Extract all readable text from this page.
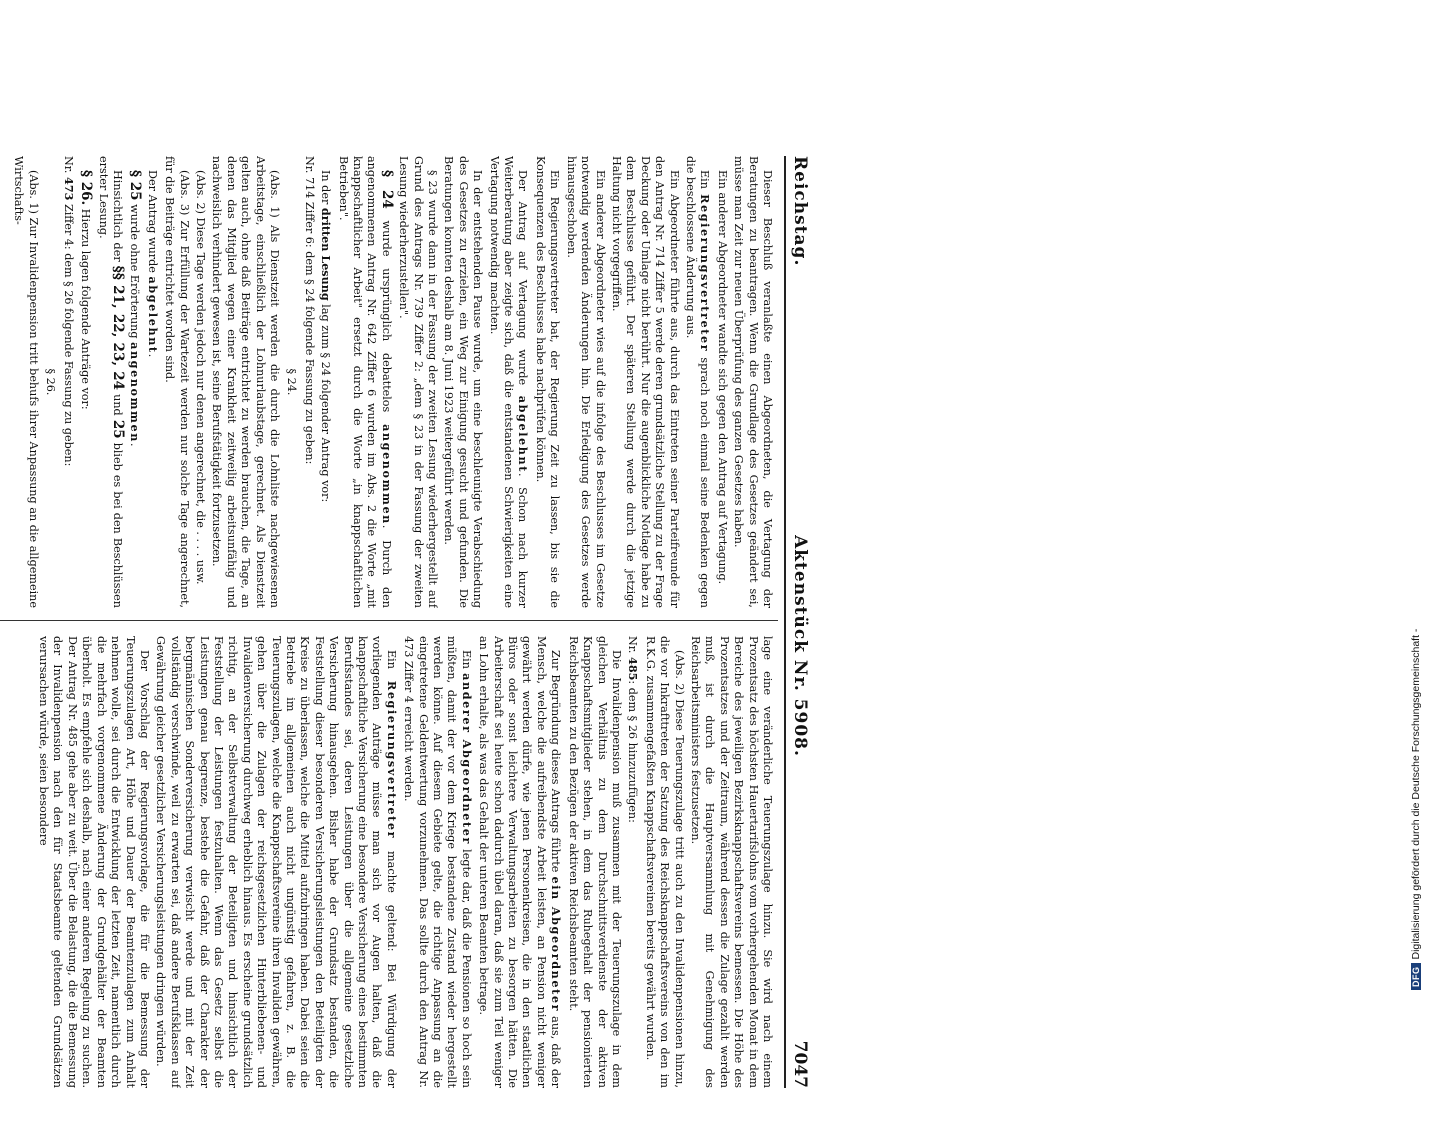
Reichstag.
Aktenstück Nr. 5908.
7047

Dieser Beschluß veranlaßte einen Abgeordneten, die Vertagung der Beratungen zu beantragen. Wenn die Grundlage des Gesetzes geändert sei, müsse man Zeit zur neuen Überprüfung des ganzen Gesetzes haben.

Ein anderer Abgeordneter wandte sich gegen den Antrag auf Vertagung.

Ein Regierungsvertreter sprach noch einmal seine Bedenken gegen die beschlossene Änderung aus.

Ein Abgeordneter führte aus, durch das Eintreten seiner Parteifreunde für den Antrag Nr. 714 Ziffer 5 werde deren grundsätzliche Stellung zu der Frage Deckung oder Umlage nicht berührt. Nur die augenblickliche Notlage habe zu dem Beschlusse geführt. Der späteren Stellung werde durch die jetzige Haltung nicht vorgegriffen.

Ein anderer Abgeordneter wies auf die infolge des Beschlusses im Gesetze notwendig werdenden Änderungen hin. Die Erledigung des Gesetzes werde hinausgeschoben.

Ein Regierungsvertreter bat, der Regierung Zeit zu lassen, bis sie die Konsequenzen des Beschlusses habe nachprüfen können.

Der Antrag auf Vertagung wurde abgelehnt. Schon nach kurzer Weiterberatung aber zeigte sich, daß die entstandenen Schwierigkeiten eine Vertagung notwendig machten.

In der entstehenden Pause wurde, um eine beschleunigte Verabschiedung des Gesetzes zu erzielen, ein Weg zur Einigung gesucht und gefunden. Die Beratungen konnten deshalb am 8. Juni 1923 weitergeführt werden.

§ 23 wurde dann in der Fassung der zweiten Lesung wiederhergestellt auf Grund des Antrags Nr. 739 Ziffer 2: „dem § 23 in der Fassung der zweiten Lesung wiederherzustellen".

§ 24 wurde ursprünglich debattelos angenommen. Durch den angenommenen Antrag Nr. 642 Ziffer 6 wurden im Abs. 2 die Worte „mit knappschaftlicher Arbeit" ersetzt durch die Worte „in knappschaftlichen Betrieben".

In der dritten Lesung lag zum § 24 folgender Antrag vor:

Nr. 714 Ziffer 6: dem § 24 folgende Fassung zu geben:

§ 24.

(Abs. 1) Als Dienstzeit werden die durch die Lohnliste nachgewiesenen Arbeitstage, einschließlich der Lohnurlaubstage, gerechnet. Als Dienstzeit gelten auch, ohne daß Beiträge entrichtet zu werden brauchen, die Tage, an denen das Mitglied wegen einer Krankheit zeitweilig arbeitsunfähig und nachweislich verhindert gewesen ist, seine Berufstätigkeit fortzusetzen.

(Abs. 2) Diese Tage werden jedoch nur denen angerechnet, die . . . . usw.

(Abs. 3) Zur Erfüllung der Wartezeit werden nur solche Tage angerechnet, für die Beiträge entrichtet worden sind.

Der Antrag wurde abgelehnt.

§ 25 wurde ohne Erörterung angenommen.

Hinsichtlich der §§ 21, 22, 23, 24 und 25 blieb es bei den Beschlüssen erster Lesung.

§ 26. Hierzu lagen folgende Anträge vor:

Nr. 473 Ziffer 4: dem § 26 folgende Fassung zu geben:

§ 26.

(Abs. 1) Zur Invalidenpension tritt behufs ihrer Anpassung an die allgemeine Wirtschafts-

lage eine veränderliche Teuerungszulage hinzu. Sie wird nach einem Prozentsatz des höchsten Hauertarifslohns vom vorhergehenden Monat in dem Bereiche des jeweiligen Bezirksknappschaftsvereins bemessen. Die Höhe des Prozentsatzes und der Zeitraum, während dessen die Zulage gezahlt werden muß, ist durch die Hauptversammlung mit Genehmigung des Reichsarbeitsministers festzusetzen.

(Abs. 2) Diese Teuerungszulage tritt auch zu den Invalidenpensionen hinzu, die vor Inkrafttreten der Satzung des Reichsknappschaftsvereins von den im R.K.G. zusammengefaßten Knappschaftsvereinen bereits gewährt wurden.

Nr. 485: dem § 26 hinzuzufügen:

Die Invalidenpension muß zusammen mit der Teuerungszulage in dem gleichen Verhältnis zu dem Durchschnittsverdienste der aktiven Knappschaftsmitglieder stehen, in dem das Ruhegehalt der pensionierten Reichsbeamten zu den Bezügen der aktiven Reichsbeamten steht.

Zur Begründung dieses Antrags führte ein Abgeordneter aus, daß der Mensch, welche die aufreibendste Arbeit leisten, an Pension nicht weniger gewährt werden dürfe, wie jenen Personenkreisen, die in den staatlichen Büros oder sonst leichtere Verwaltungsarbeiten zu besorgen hätten. Die Arbeiterschaft sei heute schon dadurch übel daran, daß sie zum Teil weniger an Lohn erhalte, als was das Gehalt der unteren Beamten betrage.

Ein anderer Abgeordneter legte dar, daß die Pensionen so hoch sein müßten, damit der vor dem Kriege bestandene Zustand wieder hergestellt werden könne. Auf diesem Gebiete gelte, die richtige Anpassung an die eingetretene Geldentwertung vorzunehmen. Das sollte durch den Antrag Nr. 473 Ziffer 4 erreicht werden.

Ein Regierungsvertreter machte geltend: Bei Würdigung der vorliegenden Anträge müsse man sich vor Augen halten, daß die knappschaftliche Versicherung eine besondere Versicherung eines bestimmten Berufsstandes sei, deren Leistungen über die allgemeine gesetzliche Versicherung hinausgehen. Bisher habe der Grundsatz bestanden, die Feststellung dieser besonderen Versicherungsleistungen den Beteiligten der Kreise zu überlassen, welche die Mittel aufzubringen haben. Dabei seien die Betriebe im allgemeinen auch nicht ungünstig gefahren, z. B. die Teuerungszulagen, welche die Knappschaftsvereine ihren Invaliden gewähren, gehen über die Zulagen der reichsgesetzlichen Hinterbliebenen- und Invalidenversicherung durchweg erheblich hinaus. Es erscheine grundsätzlich richtig, an der Selbstverwaltung der Beteiligten und hinsichtlich der Feststellung der Leistungen festzuhalten. Wenn das Gesetz selbst die Leistungen genau begrenze, bestehe die Gefahr, daß der Charakter der bergmännischen Sonderversicherung verwischt werde und mit der Zeit vollständig verschwinde, weil zu erwarten sei, daß andere Berufsklassen auf Gewährung gleicher gesetzlicher Versicherungsleistungen dringen würden.

Der Vorschlag der Regierungsvorlage, die für die Bemessung der Teuerungszulagen Art, Höhe und Dauer der Beamtenzulagen zum Anhalt nehmen wolle, sei durch die Entwicklung der letzten Zeit, namentlich durch die mehrfach vorgenommene Änderung der Grundgehälter der Beamten überholt. Es empfehle sich deshalb, nach einer anderen Regelung zu suchen. Der Antrag Nr. 485 gehe aber zu weit. Über die Belastung, die die Bemessung der Invalidenpension nach den für Staatsbeamte geltenden Grundsätzen verursachen würde, seien besondere

DFGDigitalisierung gefördert durch die Deutsche Forschungsgemeinschaft -
